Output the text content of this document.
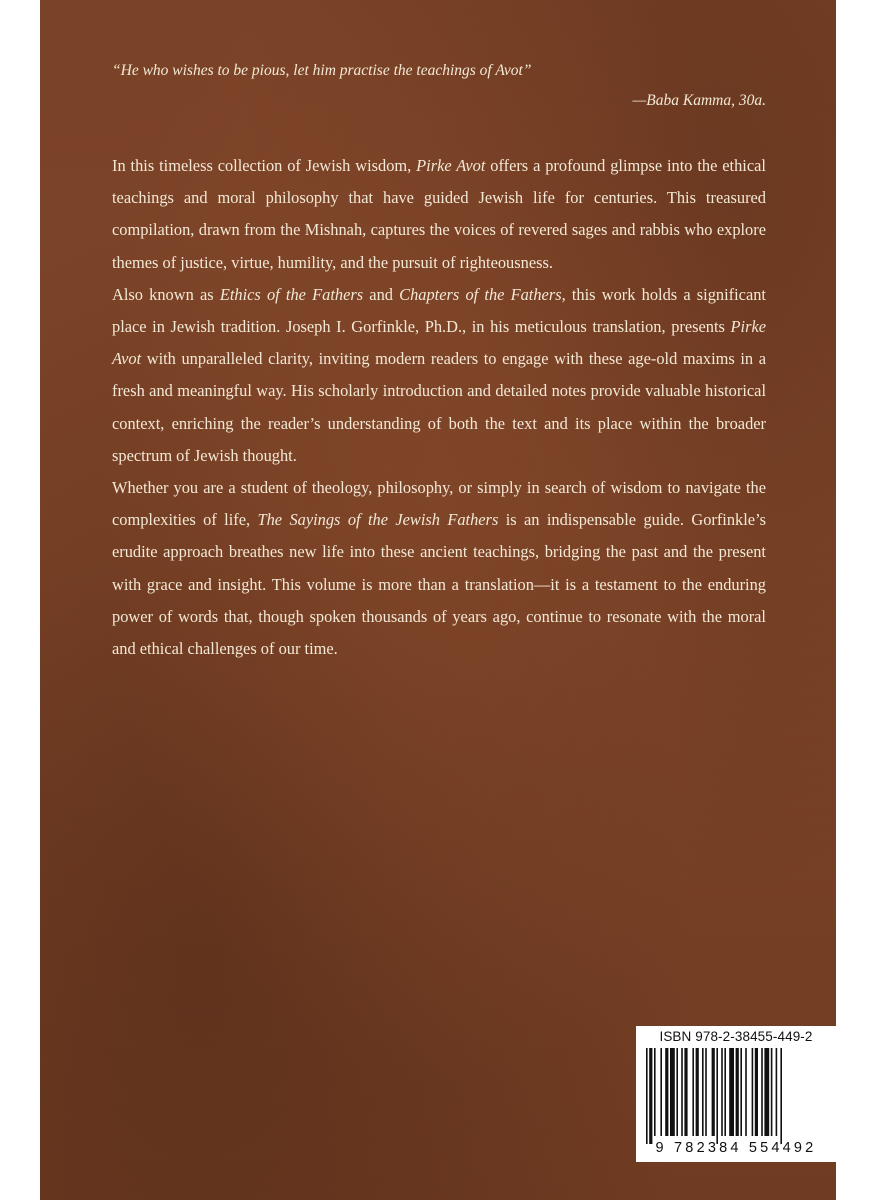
“He who wishes to be pious, let him practise the teachings of Avot”
—Baba Kamma, 30a.

In this timeless collection of Jewish wisdom, Pirke Avot offers a profound glimpse into the ethical teachings and moral philosophy that have guided Jewish life for centuries. This treasured compilation, drawn from the Mishnah, captures the voices of revered sages and rabbis who explore themes of justice, virtue, humility, and the pursuit of righteousness.

Also known as Ethics of the Fathers and Chapters of the Fathers, this work holds a significant place in Jewish tradition. Joseph I. Gorfinkle, Ph.D., in his meticulous translation, presents Pirke Avot with unparalleled clarity, inviting modern readers to engage with these age-old maxims in a fresh and meaningful way. His scholarly introduction and detailed notes provide valuable historical context, enriching the reader’s understanding of both the text and its place within the broader spectrum of Jewish thought.

Whether you are a student of theology, philosophy, or simply in search of wisdom to navigate the complexities of life, The Sayings of the Jewish Fathers is an indispensable guide. Gorfinkle’s erudite approach breathes new life into these ancient teachings, bridging the past and the present with grace and insight. This volume is more than a translation—it is a testament to the enduring power of words that, though spoken thousands of years ago, continue to resonate with the moral and ethical challenges of our time.

ISBN 978-2-38455-449-2
9 782384 554492
